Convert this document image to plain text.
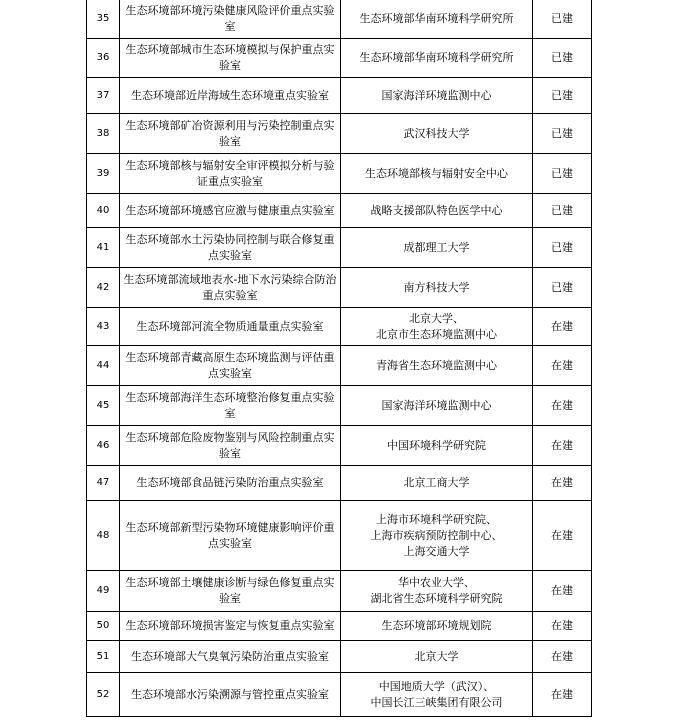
35	生态环境部环境污染健康风险评价重点实验室	生态环境部华南环境科学研究所	已建
36	生态环境部城市生态环境模拟与保护重点实验室	生态环境部华南环境科学研究所	已建
37	生态环境部近岸海域生态环境重点实验室	国家海洋环境监测中心	已建
38	生态环境部矿冶资源利用与污染控制重点实验室	武汉科技大学	已建
39	生态环境部核与辐射安全审评模拟分析与验证重点实验室	生态环境部核与辐射安全中心	已建
40	生态环境部环境感官应激与健康重点实验室	战略支援部队特色医学中心	已建
41	生态环境部水土污染协同控制与联合修复重点实验室	成都理工大学	已建
42	生态环境部流域地表水-地下水污染综合防治重点实验室	南方科技大学	已建
43	生态环境部河流全物质通量重点实验室	北京大学、
北京市生态环境监测中心	在建
44	生态环境部青藏高原生态环境监测与评估重点实验室	青海省生态环境监测中心	在建
45	生态环境部海洋生态环境整治修复重点实验室	国家海洋环境监测中心	在建
46	生态环境部危险废物鉴别与风险控制重点实验室	中国环境科学研究院	在建
47	生态环境部食品链污染防治重点实验室	北京工商大学	在建
48	生态环境部新型污染物环境健康影响评价重点实验室	上海市环境科学研究院、
上海市疾病预防控制中心、
上海交通大学	在建
49	生态环境部土壤健康诊断与绿色修复重点实验室	华中农业大学、
湖北省生态环境科学研究院	在建
50	生态环境部环境损害鉴定与恢复重点实验室	生态环境部环境规划院	在建
51	生态环境部大气臭氧污染防治重点实验室	北京大学	在建
52	生态环境部水污染溯源与管控重点实验室	中国地质大学（武汉）、
中国长江三峡集团有限公司	在建
